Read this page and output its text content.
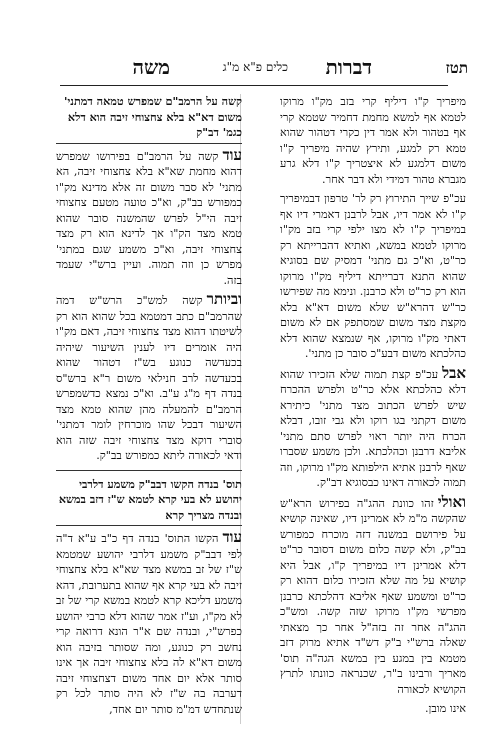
תטז
דברות
כלים פ"א מ"ג
משה

מיפריך ק"ו דיליף קרי בזב מק"ו מרוקו לטמא אף למשא מחמת דחמיר שטמא קרי אף בטהור ולא אמר דין כקרי דטהור שהוא טמא רק למגע, ותירץ שהיה מיפריך ק"ו משום דלמגע לא איצטריך ק"ו דלא גרע מגברא טהור דמידי ולא דבר אחר.

עכ"פ שייך התירוץ רק לר' טרפון דבמיפריך ק"ו לא אמר דיו, אבל לרבנן דאמרי דיו אף במיפריך ק"ו לא מצו ילפי קרי בזב מק"ו מרוקו לטמא במשא, ואתיא דהברייתא רק כר"ט, וא"כ גם מתני' דמסיק שם בסוגיא שהוא התנא דברייתא דיליף מק"ו מרוקו הוא רק כר"ט ולא כרבנן. ונימא מה שפירשו כר"ש דהרא"ש שלא משום דא"א בלא מקצת מצד משום שמסתפק אם לא משום דאתי מק"ו מרוקו, אף שנמצא שהוא דלא כהלכתא משום דבע"כ סובר כן מתני'.

אבלעכ"פ קצת תמוה שלא הזכירו שהוא דלא כהלכתא אלא כר"ט ולפרש ההכרח שיש לפרש הכתוב מצד מתני' כיתירא משום דקתני בגו רוקו ולא גבי זובו, דבלא הכרח היה יותר ראוי לפרש סתם מתני' אליבא דרבנן וכהלכתא. ולכן משמע שסברו שאף לרבנן אתיא הילפותא מק"ו מרוקו, וזה תמוה לכאורה דאינו כבסוגיא דב"ק.

ואוליזהו כוונת ההג"ה בפירוש הרא"ש שהקשה מ"מ לא אמרינן דיו, שאינה קושיא על פירושם במשנה דזה מוכרח כמפורש בב"ק, ולא קשה כלום משום דסובר כר"ט דלא אמרינן דיו במיפריך ק"ו, אבל היא קושיא על מה שלא הזכירו כלום דהוא רק כר"ט ומשמע שאף אליבא דהלכתא כרבנן מפרשי מק"ו מרוקו שזה קשה. ומש"כ ההג"ה אחר זה בזה"ל אחר כך מצאתי שאלה ברש"י ב"ק דש"ד אתיא מרוק דזב מטמא בין במגע בין במשא הגה"ה תוס' מאריך ורבינו ב"ר, שכנראה כוונתו לתרץ הקושיא לכאורה

אינו מובן.

קשה על הרמב"ם שמפרש טמאה דמתני' משום דא"א בלא צחצוחי זיבה הוא דלא כגמ' דב"ק

עודקשה על הרמב"ם בפירושו שמפרש דהוא מחמת שא"א בלא צחצוחי זיבה, הא מתני' לא סבר משום זה אלא מדינא מק"ו כמפורש בב"ק, וא"כ טועה מטעם צחצוחי זיבה הי"ל לפרש שהמשנה סובר שהוא טמא מצד הק"ו אך לדינא הוא רק מצד צחצוחי זיבה, וא"כ משמע שגם במתני' מפרש כן וזה תמוה. ועיין ברש"י שעמד בזה.

וביותרקשה למש"כ הרש"ש דמה שהרמב"ם כתב דמטמא בכל שהוא הוא רק לשיטתו דהוא מצד צחצוחי זיבה, דאם מק"ו היה אומרים דיו לענין השיעור שיהיה בכעדשה כנוגע בש"ז דטהור שהוא בכעדשה לרב חנילאי משום ר"א ברש"ס בנדה דף מ"ג ע"ב. וא"כ נמצא כדשמפרש הרמב"ם להמעלה מהן שהוא טמא מצד השיעור דבכל שהו מוכרחין לומר דמתני' סוברי דוקא מצד צחצוחי זיבה שזה הוא ודאי לכאורה ליתא כמפורש בב"ק.

תוס' בנדה הקשו דבב"ק משמע דלרבי יהושע לא בעי קרא לטמא ש"ז דזב במשא ובנדה מצריך קרא

עודהקשו התוס' בנדה דף כ"ב ע"א ד"ה לפי דבב"ק משמע דלרבי יהושע שמטמא ש"ז של זב במשא מצד שא"א בלא צחצוחי זיבה לא בעי קרא אף שהוא בתערובת, דהא משמע דליכא קרא לטמא במשא קרי של זב לא מק"ו, וע"ז אמר שהוא דלא כרבי יהושע כפרש"י, ובנדה שם א"ר הונא דרואה קרי נחשב רק כנוגע, ומה שסותר בזיבה הוא משום דא"א לה בלא צחצוחי זיבה אך אינו סותר אלא יום אחד משום דצחצוחי זיבה דערבה בה ש"ז לא היה סותר לכל רק שנתחדש דמ"מ סותר יום אחד,
